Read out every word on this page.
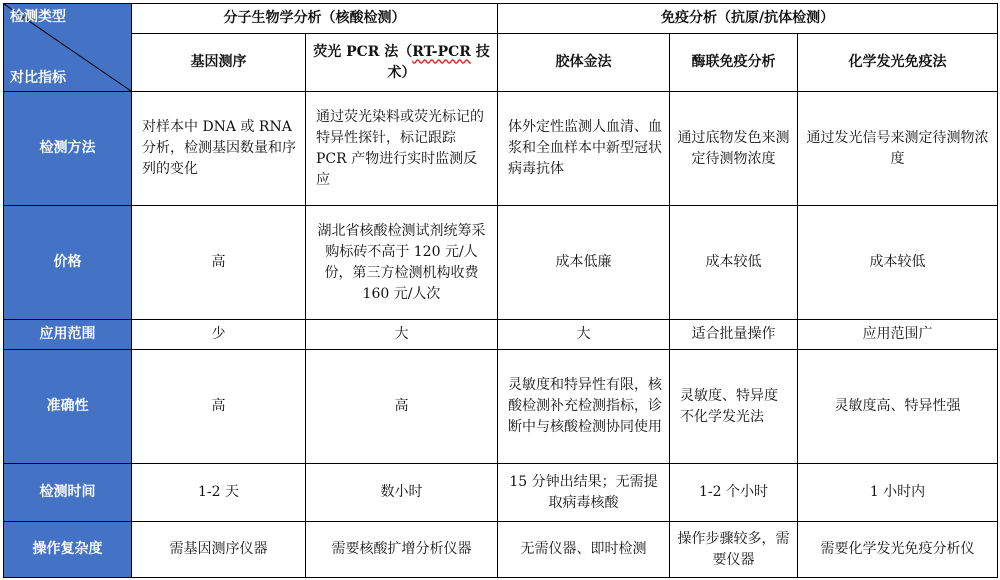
检测类型
对比指标	分子生物学分析（核酸检测）		免疫分析（抗原/抗体检测）		
	基因测序	荧光 PCR 法（RT-PCR 技术）	胶体金法	酶联免疫分析	化学发光免疫法
检测方法	对样本中 DNA 或 RNA 分析，检测基因数量和序列的变化	通过荧光染料或荧光标记的特异性探针，标记跟踪 PCR 产物进行实时监测反应	体外定性监测人血清、血浆和全血样本中新型冠状病毒抗体	通过底物发色来测定待测物浓度	通过发光信号来测定待测物浓度
价格	高	湖北省核酸检测试剂统筹采购标砖不高于 120 元/人份，第三方检测机构收费 160 元/人次	成本低廉	成本较低	成本较低
应用范围	少	大	大	适合批量操作	应用范围广
准确性	高	高	灵敏度和特异性有限，核酸检测补充检测指标，诊断中与核酸检测协同使用	灵敏度、特异度不化学发光法	灵敏度高、特异性强
检测时间	1-2 天	数小时	15 分钟出结果；无需提取病毒核酸	1-2 个小时	1 小时内
操作复杂度	需基因测序仪器	需要核酸扩增分析仪器	无需仪器、即时检测	操作步骤较多，需要仪器	需要化学发光免疫分析仪
